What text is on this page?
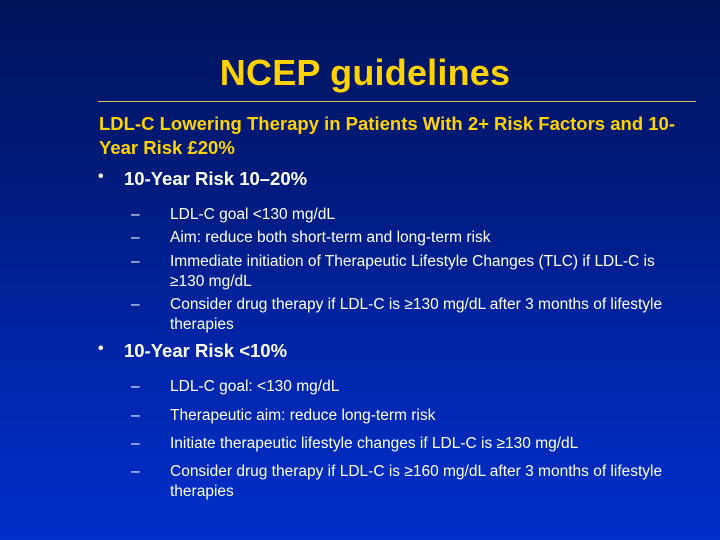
NCEP guidelines
LDL-C Lowering Therapy in Patients With 2+ Risk Factors and 10-Year Risk £20%
• 10-Year Risk 10–20%
– LDL-C goal <130 mg/dL
– Aim: reduce both short-term and long-term risk
– Immediate initiation of Therapeutic Lifestyle Changes (TLC) if LDL-C is ≥130 mg/dL
– Consider drug therapy if LDL-C is ≥130 mg/dL after 3 months of lifestyle therapies
• 10-Year Risk <10%
– LDL-C goal: <130 mg/dL
– Therapeutic aim: reduce long-term risk
– Initiate therapeutic lifestyle changes if LDL-C is ≥130 mg/dL
– Consider drug therapy if LDL-C is ≥160 mg/dL after 3 months of lifestyle therapies
